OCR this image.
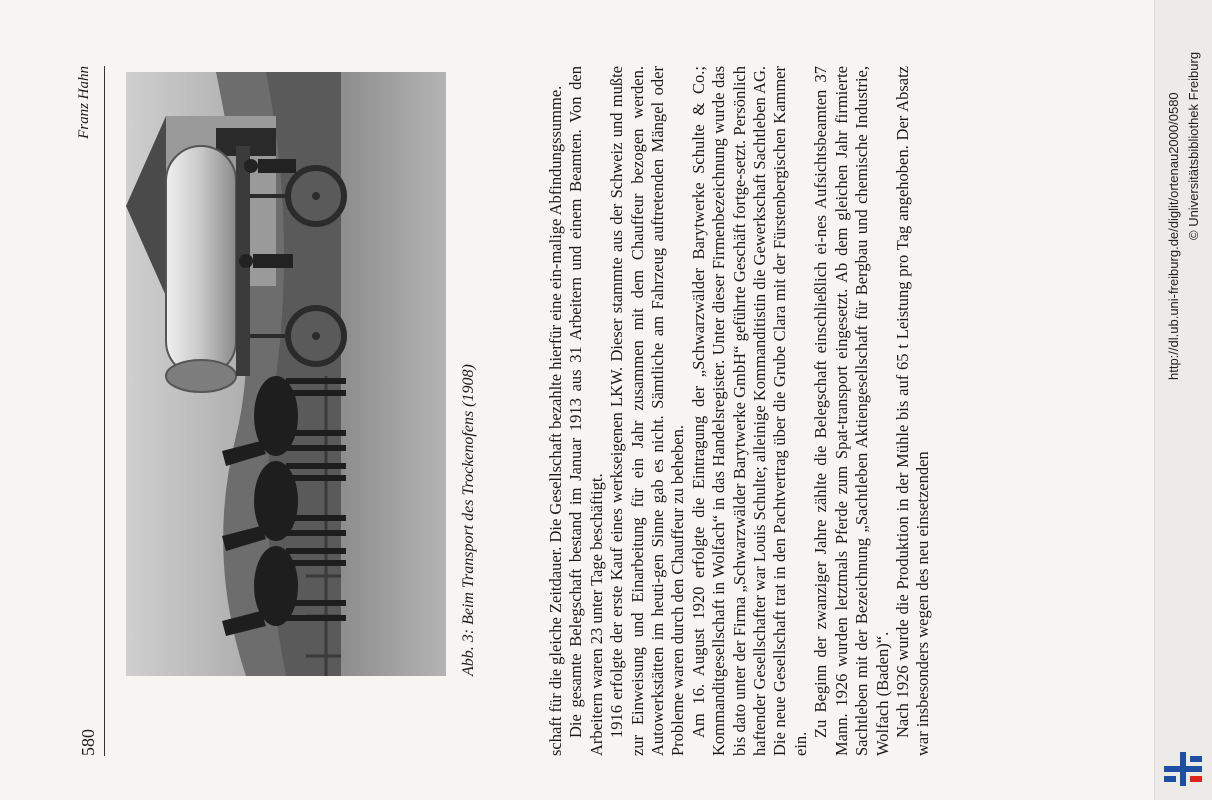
580
Franz Hahn
Abb. 3: Beim Transport des Trockenofens (1908)	schaft für die gleiche Zeitdauer. Die Gesellschaft bezahlte hierfür eine ein-malige Abfindungssumme. Die gesamte Belegschaft bestand im Januar 1913 aus 31 Arbeitern und einem Beamten. Von den Arbeitern waren 23 unter Tage beschäftigt. 1916 erfolgte der erste Kauf eines werkseigenen LKW. Dieser stammte aus der Schweiz und mußte zur Einweisung und Einarbeitung für ein Jahr zusammen mit dem Chauffeur bezogen werden. Autowerkstätten im heuti-gen Sinne gab es nicht. Sämtliche am Fahrzeug auftretenden Mängel oder Probleme waren durch den Chauffeur zu beheben. Am 16. August 1920 erfolgte die Eintragung der „Schwarzwälder Barytwerke Schulte & Co.; Kommanditgesellschaft in Wolfach“ in das Handelsregister. Unter dieser Firmenbezeichnung wurde das bis dato unter der Firma „Schwarzwälder Barytwerke GmbH“ geführte Geschäft fortge-setzt. Persönlich haftender Gesellschafter war Louis Schulte; alleinige Kommanditistin die Gewerkschaft Sachtleben AG. Die neue Gesellschaft trat in den Pachtvertrag über die Grube Clara mit der Fürstenbergischen Kammer ein.

Zu Beginn der zwanziger Jahre zählte die Belegschaft einschließlich ei-nes Aufsichtsbeamten 37 Mann. 1926 wurden letztmals Pferde zum Spat-transport eingesetzt. Ab dem gleichen Jahr firmierte Sachtleben mit der Bezeichnung „Sachtleben Aktiengesellschaft für Bergbau und chemische Industrie, Wolfach (Baden)“. Nach 1926 wurde die Produktion in der Mühle bis auf 65 t Leistung pro Tag angehoben. Der Absatz war insbesonders wegen des neu einsetzenden

http://dl.ub.uni-freiburg.de/diglit/ortenau2000/0580 © Universitätsbibliothek Freiburg
